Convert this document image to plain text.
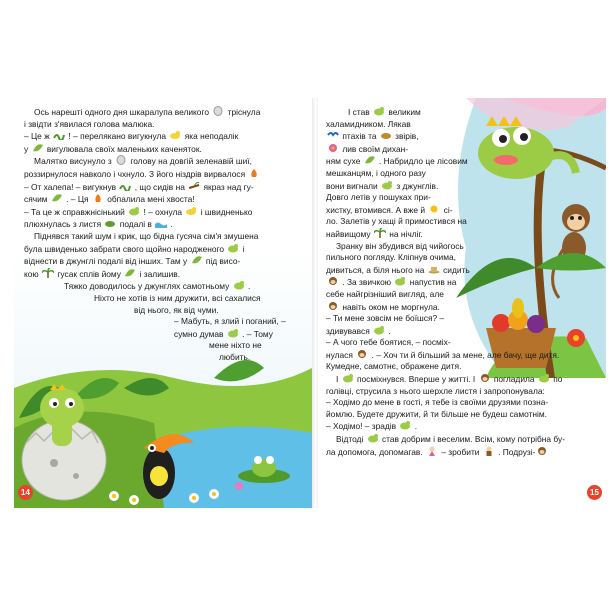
Ось нарешті одного дня шкаралупа великого
тріснула

і звідти з'явилася голова малюка.

– Це ж
! – перелякано вигукнула
яка неподалік

у
вигулювала своїх маленьких каченяток.

Малятко висунуло з
голову на довгій зеленавій шиї,

роззирнулося навколо і чхнуло. З його ніздрів вирвалося

– От халепа! – вигукнув
, що сидів на
якраз над гу-

сячим
. – Ця
обпалила мені хвоста!

– Та це ж справжнісінький
! – охнула
і швидненько

плюхнулась з листя
подалі в
.

Піднявся такий шум і крик, що бідна гусяча сім'я змушена

була швиденько забрати свого щойно народженого
і

віднести в джунглі подалі від інших. Там у
під висо-

кою
гусак сплів йому
і залишив.

Тяжко доводилось у джунглях самотньому
.

Ніхто не хотів із ним дружити, всі сахалися

від нього, як від чуми.

– Мабуть, я злий і поганий, –

сумно думав
. – Тому

мене ніхто не

любить.

14

І став
великим

халамидником. Лякав

птахів та
звірів,

лив своїм дихан-

ням сухе
. Набридло це лісовим

мешканцям, і одного разу

вони вигнали
з джунглів.

Довго летів у пошуках при-

хистку, втомився. А вже й
сі-

ло. Залетів у хащі й примостився на

найвищому
на нічліг.

Зранку він збудився від чийогось

пильного погляду. Кліпнув очима,

дивиться, а біля нього на
сидить

. За звичкою
напустив на

себе найгрізніший вигляд, але

навіть оком не моргнула.

– Ти мене зовсім не боїшся? –

здивувався
.

– А чого тебе боятися, – посміх-

нулася
. – Хоч ти й більший за мене, але бачу, ще дитя.

Кумедне, самотнє, ображене дитя.

І
посміхнувся. Вперше у житті. І
погладила
по

голівці, струсила з нього шерхле листя і запропонувала:

– Ходімо до мене в гості, я тебе із своїми друзями позна-

йомлю. Будете дружити, й ти більше не будеш самотнім.

– Ходімо! – зрадів
.

Відтоді
став добрим і веселим. Всім, кому потрібна бу-

ла допомога, допомагав.
– зробити
. Подрузі-

15
